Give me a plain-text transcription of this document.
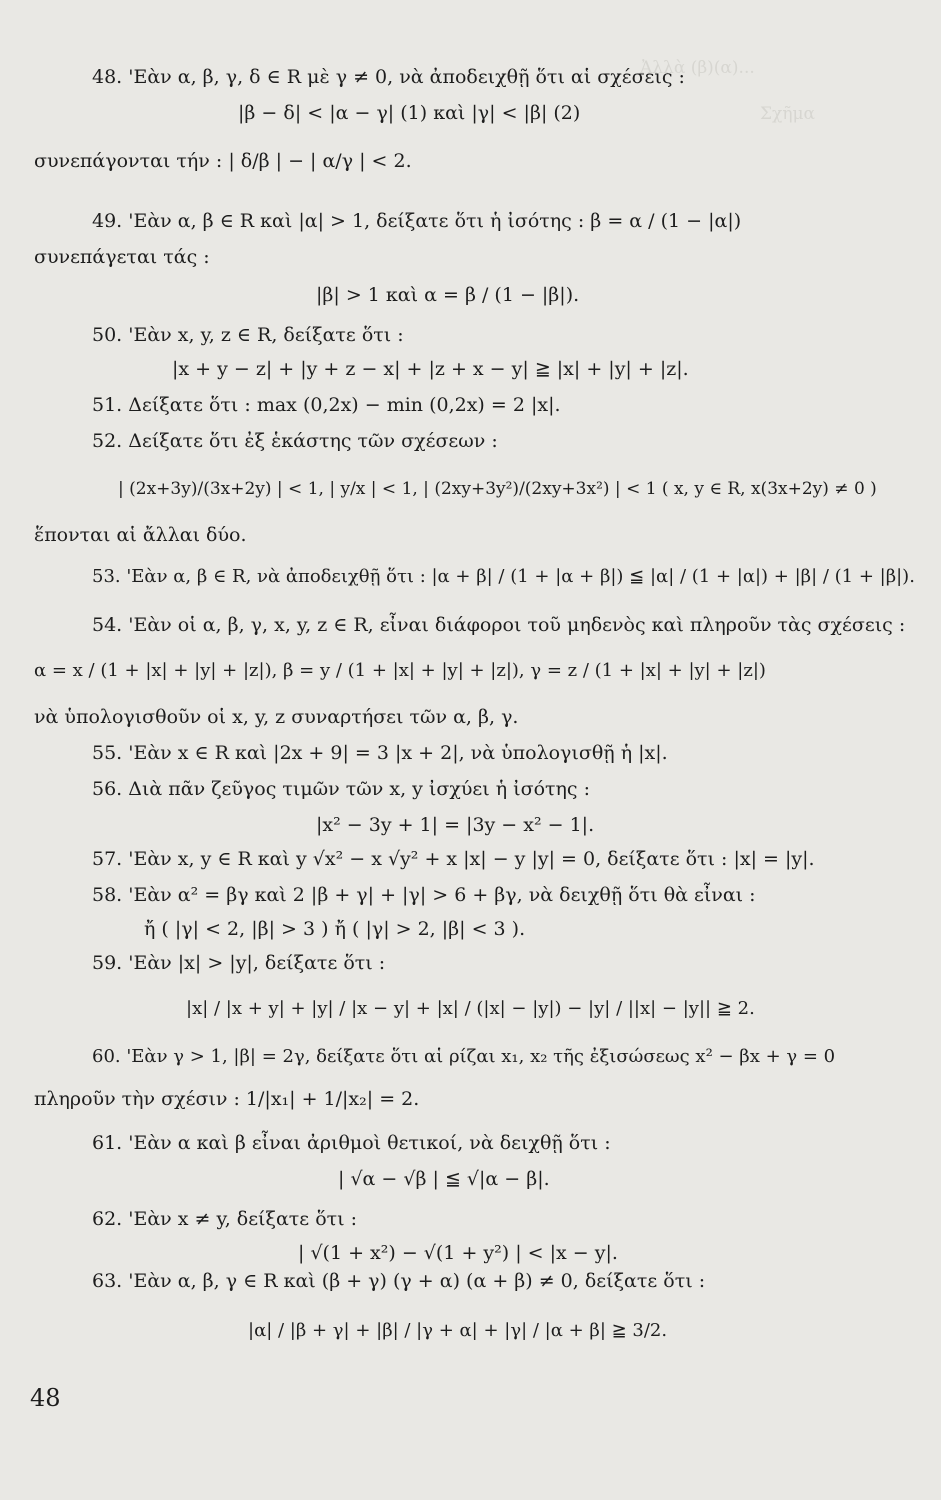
Ἀλλὰ (β)(α)...
Σχῆμα
48. 'Εὰν α, β, γ, δ ∈ R μὲ γ ≠ 0, νὰ ἀποδειχθῇ ὅτι αἱ σχέσεις :
|β − δ| < |α − γ| (1) καὶ |γ| < |β| (2)
συνεπάγονται τήν : | δ/β | − | α/γ | < 2.
49. 'Εὰν α, β ∈ R καὶ |α| > 1, δείξατε ὅτι ἡ ἰσότης : β = α / (1 − |α|)
συνεπάγεται τάς :
|β| > 1 καὶ α = β / (1 − |β|).
50. 'Εὰν x, y, z ∈ R, δείξατε ὅτι :
|x + y − z| + |y + z − x| + |z + x − y| ≧ |x| + |y| + |z|.
51. Δείξατε ὅτι : max (0,2x) − min (0,2x) = 2 |x|.
52. Δείξατε ὅτι ἐξ ἑκάστης τῶν σχέσεων :
| (2x+3y)/(3x+2y) | < 1, | y/x | < 1, | (2xy+3y²)/(2xy+3x²) | < 1 ( x, y ∈ R, x(3x+2y) ≠ 0 )
ἕπονται αἱ ἄλλαι δύο.
53. 'Εὰν α, β ∈ R, νὰ ἀποδειχθῇ ὅτι : |α + β| / (1 + |α + β|) ≦ |α| / (1 + |α|) + |β| / (1 + |β|).
54. 'Εὰν οἱ α, β, γ, x, y, z ∈ R, εἶναι διάφοροι τοῦ μηδενὸς καὶ πληροῦν τὰς σχέσεις :
α = x / (1 + |x| + |y| + |z|), β = y / (1 + |x| + |y| + |z|), γ = z / (1 + |x| + |y| + |z|)
νὰ ὑπολογισθοῦν οἱ x, y, z συναρτήσει τῶν α, β, γ.
55. 'Εὰν x ∈ R καὶ |2x + 9| = 3 |x + 2|, νὰ ὑπολογισθῇ ἡ |x|.
56. Διὰ πᾶν ζεῦγος τιμῶν τῶν x, y ἰσχύει ἡ ἰσότης :
|x² − 3y + 1| = |3y − x² − 1|.
57. 'Εὰν x, y ∈ R καὶ y √x² − x √y² + x |x| − y |y| = 0, δείξατε ὅτι : |x| = |y|.
58. 'Εὰν α² = βγ καὶ 2 |β + γ| + |γ| > 6 + βγ, νὰ δειχθῇ ὅτι θὰ εἶναι :
ἤ ( |γ| < 2, |β| > 3 ) ἤ ( |γ| > 2, |β| < 3 ).
59. 'Εὰν |x| > |y|, δείξατε ὅτι :
|x| / |x + y| + |y| / |x − y| + |x| / (|x| − |y|) − |y| / ||x| − |y|| ≧ 2.
60. 'Εὰν γ > 1, |β| = 2γ, δείξατε ὅτι αἱ ρίζαι x₁, x₂ τῆς ἐξισώσεως x² − βx + γ = 0
πληροῦν τὴν σχέσιν : 1/|x₁| + 1/|x₂| = 2.
61. 'Εὰν α καὶ β εἶναι ἀριθμοὶ θετικοί, νὰ δειχθῇ ὅτι :
| √α − √β | ≦ √|α − β|.
62. 'Εὰν x ≠ y, δείξατε ὅτι :
| √(1 + x²) − √(1 + y²) | < |x − y|.
63. 'Εὰν α, β, γ ∈ R καὶ (β + γ) (γ + α) (α + β) ≠ 0, δείξατε ὅτι :
|α| / |β + γ| + |β| / |γ + α| + |γ| / |α + β| ≧ 3/2.
48
